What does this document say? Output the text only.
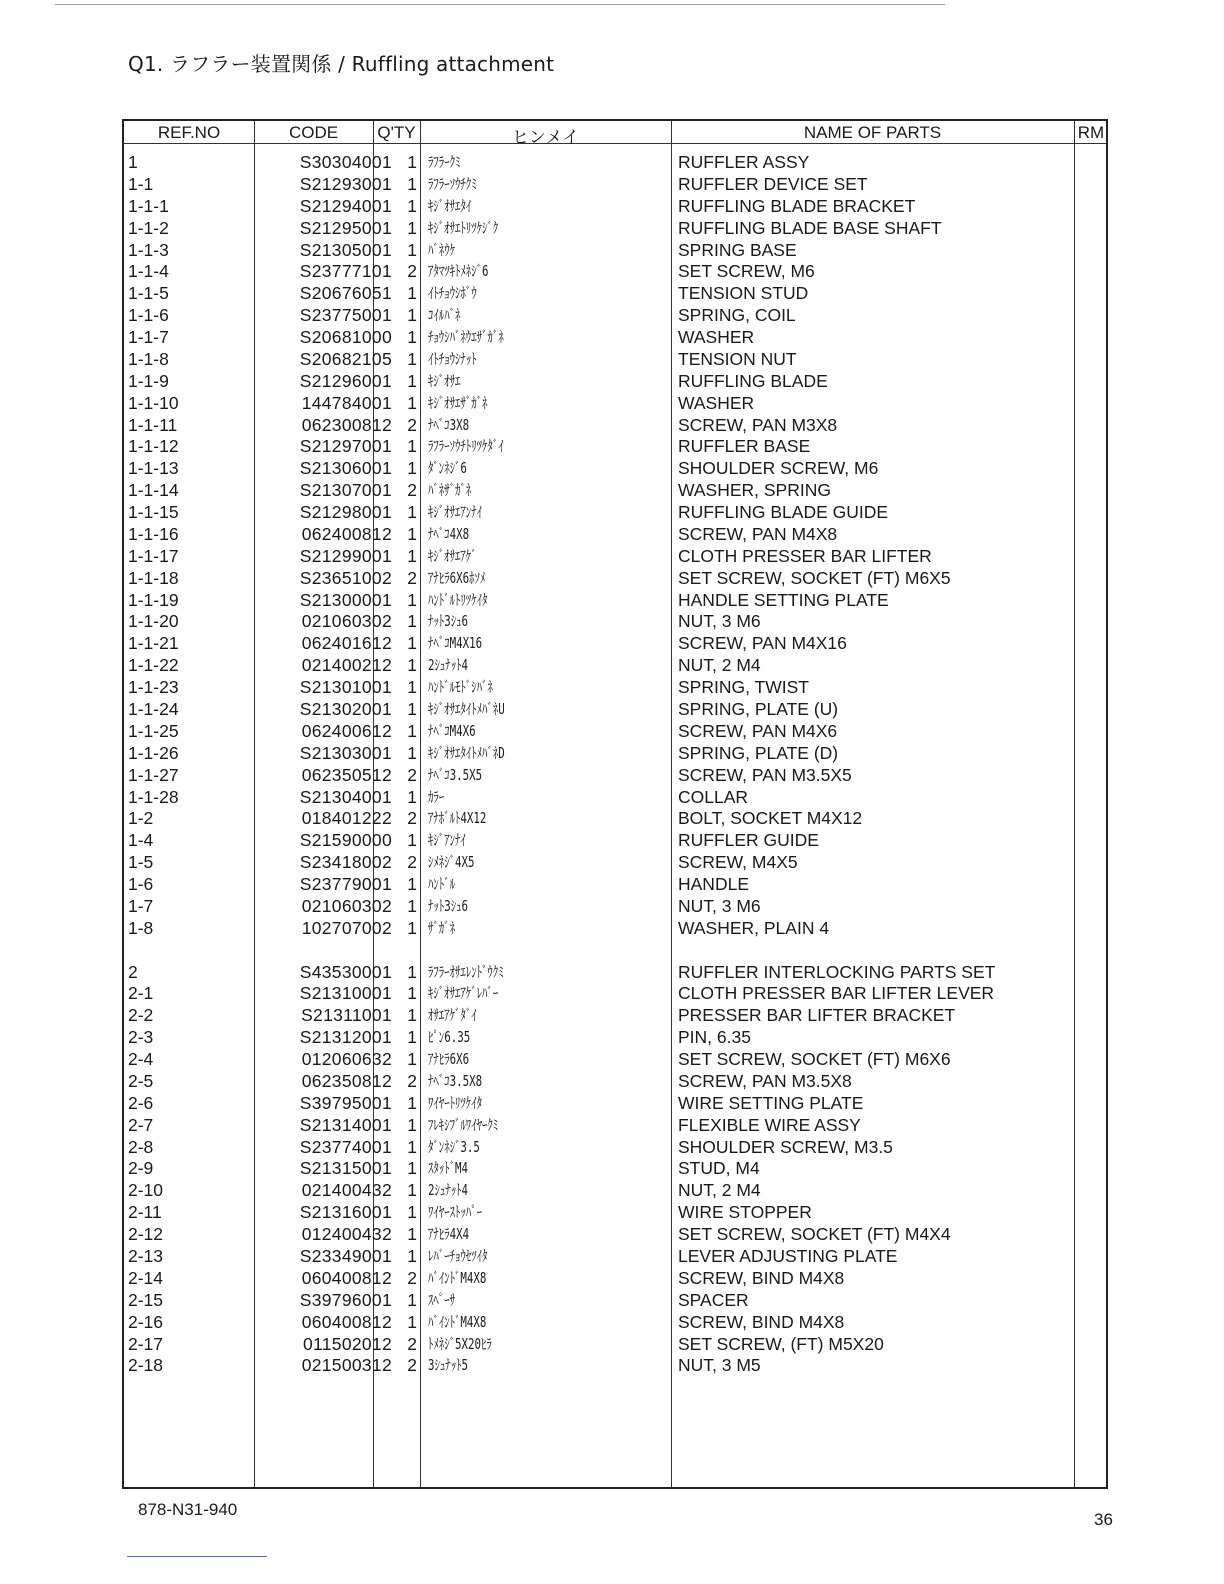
Q1. ラフラー装置関係 / Ruffling attachment
REF.NO	CODE	Q'TY	ヒンメイ	NAME OF PARTS	RM
1	S30304001 1 ﾗﾌﾗｰｸﾐ	RUFFLER ASSY
1-1	S21293001 1 ﾗﾌﾗｰｿｳﾁｸﾐ	RUFFLER DEVICE SET
1-1-1	S21294001 1 ｷｼﾞｵｻｴﾀｲ	RUFFLING BLADE BRACKET
1-1-2	S21295001 1 ｷｼﾞｵｻｴﾄﾘﾂｹｼﾞｸ	RUFFLING BLADE BASE SHAFT
1-1-3	S21305001 1 ﾊﾞﾈｳｹ	SPRING BASE
1-1-4	S23777101 2 ｱﾀﾏﾂｷﾄﾒﾈｼﾞ6	SET SCREW, M6
1-1-5	S20676051 1 ｲﾄﾁｮｳｼﾎﾞｳ	TENSION STUD
1-1-6	S23775001 1 ｺｲﾙﾊﾞﾈ	SPRING, COIL
1-1-7	S20681000 1 ﾁｮｳｼﾊﾞﾈｳｴｻﾞｶﾞﾈ	WASHER
1-1-8	S20682105 1 ｲﾄﾁｮｳｼﾅｯﾄ	TENSION NUT
1-1-9	S21296001 1 ｷｼﾞｵｻｴ	RUFFLING BLADE
1-1-10	144784001 1 ｷｼﾞｵｻｴｻﾞｶﾞﾈ	WASHER
1-1-11	062300812 2 ﾅﾍﾞｺ3X8	SCREW, PAN M3X8
1-1-12	S21297001 1 ﾗﾌﾗｰｿｳﾁﾄﾘﾂｹﾀﾞｲ	RUFFLER BASE
1-1-13	S21306001 1 ﾀﾞﾝﾈｼﾞ6	SHOULDER SCREW, M6
1-1-14	S21307001 2 ﾊﾞﾈｻﾞｶﾞﾈ	WASHER, SPRING
1-1-15	S21298001 1 ｷｼﾞｵｻｴｱﾝﾅｲ	RUFFLING BLADE GUIDE
1-1-16	062400812 1 ﾅﾍﾞｺ4X8	SCREW, PAN M4X8
1-1-17	S21299001 1 ｷｼﾞｵｻｴｱｹﾞ	CLOTH PRESSER BAR LIFTER
1-1-18	S23651002 2 ｱﾅﾋﾗ6X6ﾎｿﾒ	SET SCREW, SOCKET (FT) M6X5
1-1-19	S21300001 1 ﾊﾝﾄﾞﾙﾄﾘﾂｹｲﾀ	HANDLE SETTING PLATE
1-1-20	021060302 1 ﾅｯﾄ3ｼｭ6	NUT, 3 M6
1-1-21	062401612 1 ﾅﾍﾞｺM4X16	SCREW, PAN M4X16
1-1-22	021400212 1 2ｼｭﾅｯﾄ4	NUT, 2 M4
1-1-23	S21301001 1 ﾊﾝﾄﾞﾙﾓﾄﾞｼﾊﾞﾈ	SPRING, TWIST
1-1-24	S21302001 1 ｷｼﾞｵｻｴﾀｲﾄﾒﾊﾞﾈU	SPRING, PLATE (U)
1-1-25	062400612 1 ﾅﾍﾞｺM4X6	SCREW, PAN M4X6
1-1-26	S21303001 1 ｷｼﾞｵｻｴﾀｲﾄﾒﾊﾞﾈD	SPRING, PLATE (D)
1-1-27	062350512 2 ﾅﾍﾞｺ3.5X5	SCREW, PAN M3.5X5
1-1-28	S21304001 1 ｶﾗｰ	COLLAR
1-2	018401222 2 ｱﾅﾎﾞﾙﾄ4X12	BOLT, SOCKET M4X12
1-4	S21590000 1 ｷｼﾞｱﾝﾅｲ	RUFFLER GUIDE
1-5	S23418002 2 ｼﾒﾈｼﾞ4X5	SCREW, M4X5
1-6	S23779001 1 ﾊﾝﾄﾞﾙ	HANDLE
1-7	021060302 1 ﾅｯﾄ3ｼｭ6	NUT, 3 M6
1-8	102707002 1 ｻﾞｶﾞﾈ	WASHER, PLAIN 4
2	S43530001 1 ﾗﾌﾗｰｵｻｴﾚﾝﾄﾞｳｸﾐ	RUFFLER INTERLOCKING PARTS SET
2-1	S21310001 1 ｷｼﾞｵｻｴｱｹﾞﾚﾊﾞｰ	CLOTH PRESSER BAR LIFTER LEVER
2-2	S21311001 1 ｵｻｴｱｹﾞﾀﾞｲ	PRESSER BAR LIFTER BRACKET
2-3	S21312001 1 ﾋﾟﾝ6.35	PIN, 6.35
2-4	012060632 1 ｱﾅﾋﾗ6X6	SET SCREW, SOCKET (FT) M6X6
2-5	062350812 2 ﾅﾍﾞｺ3.5X8	SCREW, PAN M3.5X8
2-6	S39795001 1 ﾜｲﾔｰﾄﾘﾂｹｲﾀ	WIRE SETTING PLATE
2-7	S21314001 1 ﾌﾚｷｼﾌﾞﾙﾜｲﾔｰｸﾐ	FLEXIBLE WIRE ASSY
2-8	S23774001 1 ﾀﾞﾝﾈｼﾞ3.5	SHOULDER SCREW, M3.5
2-9	S21315001 1 ｽﾀｯﾄﾞM4	STUD, M4
2-10	021400432 1 2ｼｭﾅｯﾄ4	NUT, 2 M4
2-11	S21316001 1 ﾜｲﾔｰｽﾄｯﾊﾟｰ	WIRE STOPPER
2-12	012400432 1 ｱﾅﾋﾗ4X4	SET SCREW, SOCKET (FT) M4X4
2-13	S23349001 1 ﾚﾊﾞｰﾁｮｳｾﾂｲﾀ	LEVER ADJUSTING PLATE
2-14	060400812 2 ﾊﾞｲﾝﾄﾞM4X8	SCREW, BIND M4X8
2-15	S39796001 1 ｽﾍﾟｰｻ	SPACER
2-16	060400812 1 ﾊﾞｲﾝﾄﾞM4X8	SCREW, BIND M4X8
2-17	011502012 2 ﾄﾒﾈｼﾞ5X20ﾋﾗ	SET SCREW, (FT) M5X20
2-18	021500312 2 3ｼｭﾅｯﾄ5	NUT, 3 M5
878-N31-940
36
